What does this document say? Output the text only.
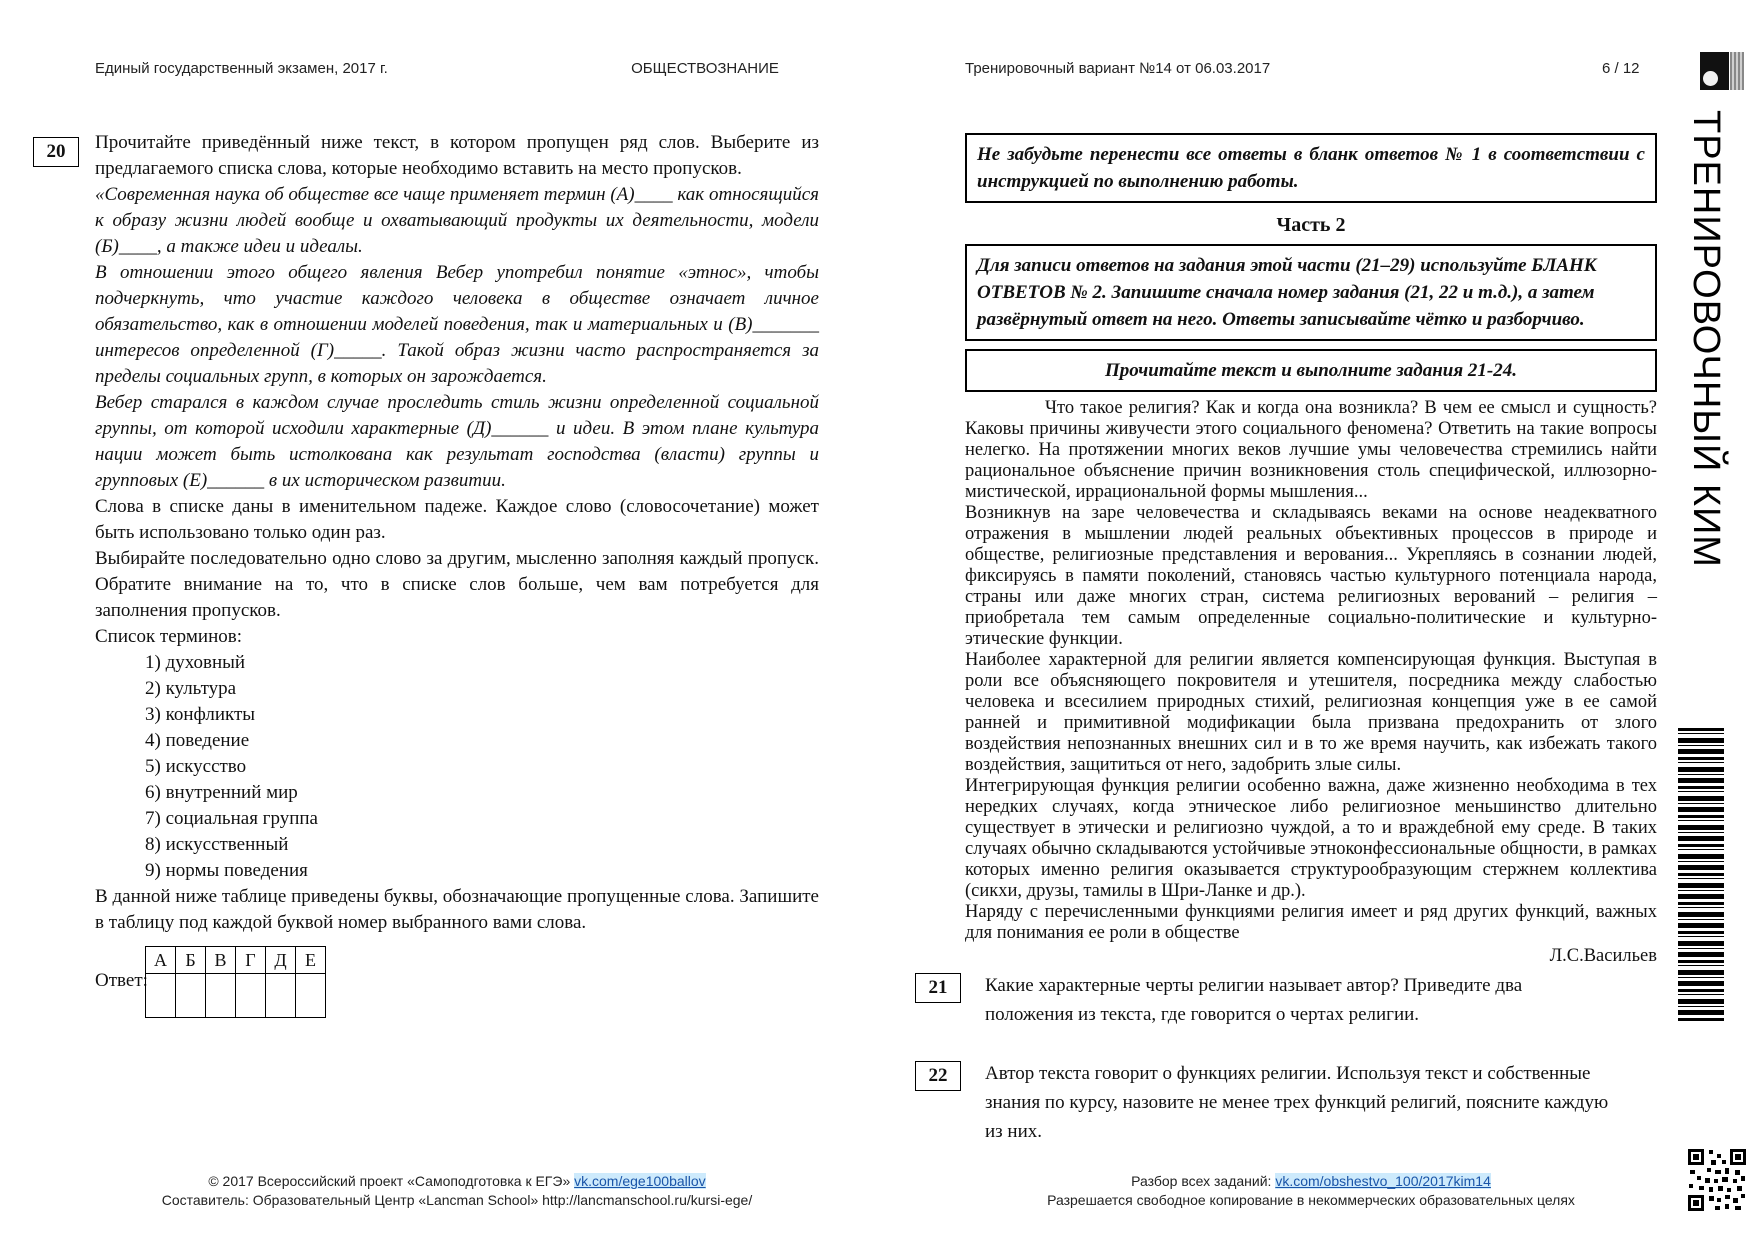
Единый государственный экзамен, 2017 г.	ОБЩЕСТВОЗНАНИЕ	Тренировочный вариант №14 от 06.03.2017	6 / 12
20 Прочитайте приведённый ниже текст, в котором пропущен ряд слов. Выберите из предлагаемого списка слова, которые необходимо вставить на место пропусков.

«Современная наука об обществе все чаще применяет термин (А)____ как относящийся к образу жизни людей вообще и охватывающий продукты их деятельности, модели (Б)____, а также идеи и идеалы.

В отношении этого общего явления Вебер употребил понятие «этнос», чтобы подчеркнуть, что участие каждого человека в обществе означает личное обязательство, как в отношении моделей поведения, так и материальных и (В)_______ интересов определенной (Г)_____. Такой образ жизни часто распространяется за пределы социальных групп, в которых он зарождается.

Вебер старался в каждом случае проследить стиль жизни определенной социальной группы, от которой исходили характерные (Д)______ и идеи. В этом плане культура нации может быть истолкована как результат господства (власти) группы и групповых (Е)______ в их историческом развитии.

Слова в списке даны в именительном падеже. Каждое слово (словосочетание) может быть использовано только один раз.

Выбирайте последовательно одно слово за другим, мысленно заполняя каждый пропуск. Обратите внимание на то, что в списке слов больше, чем вам потребуется для заполнения пропусков.

Список терминов:
1) духовный
2) культура
3) конфликты
4) поведение
5) искусство
6) внутренний мир
7) социальная группа
8) искусственный
9) нормы поведения

В данной ниже таблице приведены буквы, обозначающие пропущенные слова. Запишите в таблицу под каждой буквой номер выбранного вами слова.

Ответ:
А	Б	В	Г	Д	Е

Не забудьте перенести все ответы в бланк ответов № 1 в соответствии с инструкцией по выполнению работы.
Часть 2
Для записи ответов на задания этой части (21–29) используйте БЛАНК ОТВЕТОВ № 2. Запишите сначала номер задания (21, 22 и т.д.), а затем развёрнутый ответ на него. Ответы записывайте чётко и разборчиво.
Прочитайте текст и выполните задания 21-24.

Что такое религия? Как и когда она возникла? В чем ее смысл и сущность? Каковы причины живучести этого социального феномена? Ответить на такие вопросы нелегко. На протяжении многих веков лучшие умы человечества стремились найти рациональное объяснение причин возникновения столь специфической, иллюзорно-мистической, иррациональной формы мышления...

Возникнув на заре человечества и складываясь веками на основе неадекватного отражения в мышлении людей реальных объективных процессов в природе и обществе, религиозные представления и верования... Укрепляясь в сознании людей, фиксируясь в памяти поколений, становясь частью культурного потенциала народа, страны или даже многих стран, система религиозных верований – религия – приобретала тем самым определенные социально-политические и культурно-этические функции.

Наиболее характерной для религии является компенсирующая функция. Выступая в роли все объясняющего покровителя и утешителя, посредника между слабостью человека и всесилием природных стихий, религиозная концепция уже в ее самой ранней и примитивной модификации была призвана предохранить от злого воздействия непознанных внешних сил и в то же время научить, как избежать такого воздействия, защититься от него, задобрить злые силы.

Интегрирующая функция религии особенно важна, даже жизненно необходима в тех нередких случаях, когда этническое либо религиозное меньшинство длительно существует в этически и религиозно чуждой, а то и враждебной ему среде. В таких случаях обычно складываются устойчивые этноконфессиональные общности, в рамках которых именно религия оказывается структурообразующим стержнем коллектива (сикхи, друзы, тамилы в Шри-Ланке и др.).

Наряду с перечисленными функциями религия имеет и ряд других функций, важных для понимания ее роли в обществе

Л.С.Васильев
21 Какие характерные черты религии называет автор? Приведите два положения из текста, где говорится о чертах религии.
22 Автор текста говорит о функциях религии. Используя текст и собственные знания по курсу, назовите не менее трех функций религий, поясните каждую из них.
© 2017 Всероссийский проект «Самоподготовка к ЕГЭ» vk.com/ege100ballov
Составитель: Образовательный Центр «Lancman School» http://lancmanschool.ru/kursi-ege/
Разбор всех заданий: vk.com/obshestvo_100/2017kim14
Разрешается свободное копирование в некоммерческих образовательных целях
ТРЕНИРОВОЧНЫЙ КИМ
